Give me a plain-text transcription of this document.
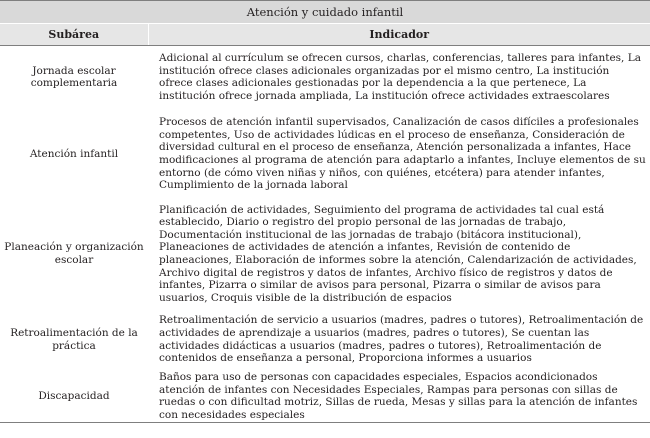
Atención y cuidado infantil	
Subárea	Indicador
Jornada escolar complementaria	Adicional al currículum se ofrecen cursos, charlas, conferencias, talleres para infantes, La institución ofrece clases adicionales organizadas por el mismo centro, La institución ofrece clases adicionales gestionadas por la dependencia a la que pertenece, La institución ofrece jornada ampliada, La institución ofrece actividades extraescolares
Atención infantil	Procesos de atención infantil supervisados, Canalización de casos difíciles a profesionales competentes, Uso de actividades lúdicas en el proceso de enseñanza, Consideración de diversidad cultural en el proceso de enseñanza, Atención personalizada a infantes, Hace modificaciones al programa de atención para adaptarlo a infantes, Incluye elementos de su entorno (de cómo viven niñas y niños, con quiénes, etcétera) para atender infantes, Cumplimiento de la jornada laboral
Planeación y organización escolar	Planificación de actividades, Seguimiento del programa de actividades tal cual está establecido, Diario o registro del propio personal de las jornadas de trabajo, Documentación institucional de las jornadas de trabajo (bitácora institucional), Planeaciones de actividades de atención a infantes, Revisión de contenido de planeaciones, Elaboración de informes sobre la atención, Calendarización de actividades, Archivo digital de registros y datos de infantes, Archivo físico de registros y datos de infantes, Pizarra o similar de avisos para personal, Pizarra o similar de avisos para usuarios, Croquis visible de la distribución de espacios
Retroalimentación de la práctica	Retroalimentación de servicio a usuarios (madres, padres o tutores), Retroalimentación de actividades de aprendizaje a usuarios (madres, padres o tutores), Se cuentan las actividades didácticas a usuarios (madres, padres o tutores), Retroalimentación de contenidos de enseñanza a personal, Proporciona informes a usuarios
Discapacidad	Baños para uso de personas con capacidades especiales, Espacios acondicionados atención de infantes con Necesidades Especiales, Rampas para personas con sillas de ruedas o con dificultad motriz, Sillas de rueda, Mesas y sillas para la atención de infantes con necesidades especiales
